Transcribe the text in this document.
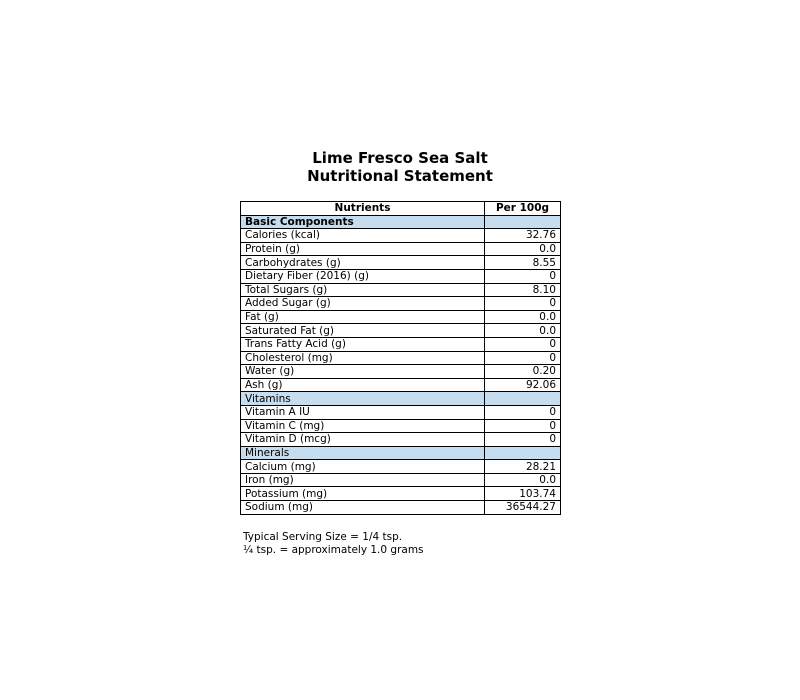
Lime Fresco Sea Salt
Nutritional Statement
Nutrients	Per 100g
Basic Components	
Calories (kcal)	32.76
Protein (g)	0.0
Carbohydrates (g)	8.55
Dietary Fiber (2016) (g)	0
Total Sugars (g)	8.10
Added Sugar (g)	0
Fat (g)	0.0
Saturated Fat (g)	0.0
Trans Fatty Acid (g)	0
Cholesterol (mg)	0
Water (g)	0.20
Ash (g)	92.06
Vitamins	
Vitamin A IU	0
Vitamin C (mg)	0
Vitamin D (mcg)	0
Minerals	
Calcium (mg)	28.21
Iron (mg)	0.0
Potassium (mg)	103.74
Sodium (mg)	36544.27
Typical Serving Size = 1/4 tsp.
¼ tsp. = approximately 1.0 grams
